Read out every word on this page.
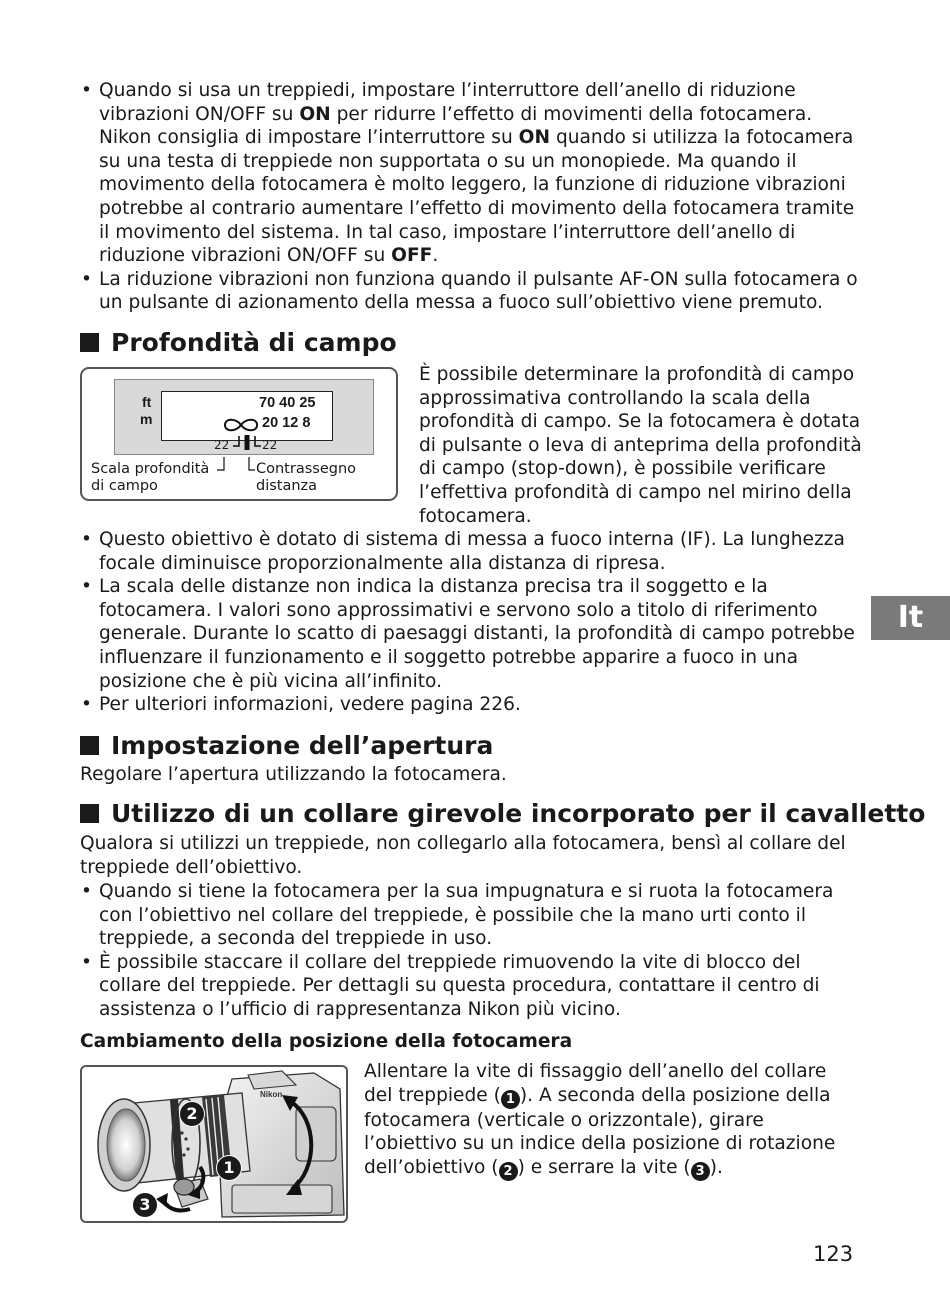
• Quando si usa un treppiedi, impostare l’interruttore dell’anello di riduzione vibrazioni ON/OFF su ON per ridurre l’effetto di movimenti della fotocamera. Nikon consiglia di impostare l’interruttore su ON quando si utilizza la fotocamera su una testa di treppiede non supportata o su un monopiede. Ma quando il movimento della fotocamera è molto leggero, la funzione di riduzione vibrazioni potrebbe al contrario aumentare l’effetto di movimento della fotocamera tramite il movimento del sistema. In tal caso, impostare l’interruttore dell’anello di riduzione vibrazioni ON/OFF su OFF.
• La riduzione vibrazioni non funziona quando il pulsante AF-ON sulla fotocamera o un pulsante di azionamento della messa a fuoco sull’obiettivo viene premuto.
Profondità di campo
ft
m
70 40 25
20 12 8
22	22
Scala profondità
di campo
Contrassegno
distanza
È possibile determinare la profondità di campo approssimativa controllando la scala della profondità di campo. Se la fotocamera è dotata di pulsante o leva di anteprima della profondità di campo (stop-down), è possibile verificare l’effettiva profondità di campo nel mirino della fotocamera.
• Questo obiettivo è dotato di sistema di messa a fuoco interna (IF). La lunghezza focale diminuisce proporzionalmente alla distanza di ripresa.
• La scala delle distanze non indica la distanza precisa tra il soggetto e la fotocamera. I valori sono approssimativi e servono solo a titolo di riferimento generale. Durante lo scatto di paesaggi distanti, la profondità di campo potrebbe influenzare il funzionamento e il soggetto potrebbe apparire a fuoco in una posizione che è più vicina all’infinito.
• Per ulteriori informazioni, vedere pagina 226.
It
Impostazione dell’apertura
Regolare l’apertura utilizzando la fotocamera.
Utilizzo di un collare girevole incorporato per il cavalletto
Qualora si utilizzi un treppiede, non collegarlo alla fotocamera, bensì al collare del treppiede dell’obiettivo.
• Quando si tiene la fotocamera per la sua impugnatura e si ruota la fotocamera con l’obiettivo nel collare del treppiede, è possibile che la mano urti conto il treppiede, a seconda del treppiede in uso.
• È possibile staccare il collare del treppiede rimuovendo la vite di blocco del collare del treppiede. Per dettagli su questa procedura, contattare il centro di assistenza o l’ufficio di rappresentanza Nikon più vicino.
Cambiamento della posizione della fotocamera
Nikon
2
1
3
Allentare la vite di fissaggio dell’anello del collare del treppiede ( 1 ). A seconda della posizione della fotocamera (verticale o orizzontale), girare l’obiettivo su un indice della posizione di rotazione dell’obiettivo ( 2 ) e serrare la vite ( 3 ).
123
